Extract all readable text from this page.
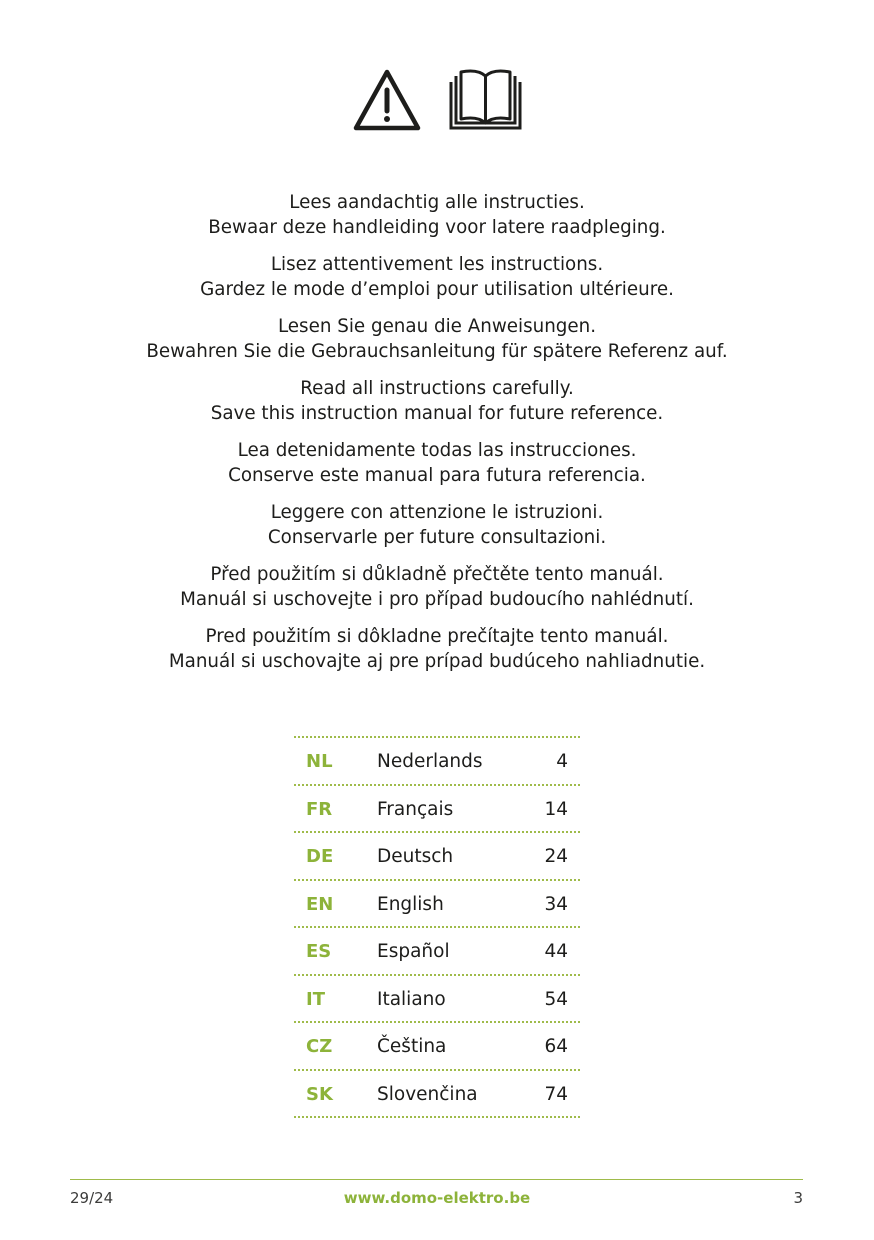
Lees aandachtig alle instructies.

Bewaar deze handleiding voor latere raadpleging.

Lisez attentivement les instructions.

Gardez le mode d’emploi pour utilisation ultérieure.

Lesen Sie genau die Anweisungen.

Bewahren Sie die Gebrauchsanleitung für spätere Referenz auf.

Read all instructions carefully.

Save this instruction manual for future reference.

Lea detenidamente todas las instrucciones.

Conserve este manual para futura referencia.

Leggere con attenzione le istruzioni.

Conservarle per future consultazioni.

Před použitím si důkladně přečtěte tento manuál.

Manuál si uschovejte i pro případ budoucího nahlédnutí.

Pred použitím si dôkladne prečítajte tento manuál.

Manuál si uschovajte aj pre prípad budúceho nahliadnutie.

NL Nederlands	4
FR Français	14
DE Deutsch	24
EN English	34
ES Español	44
IT	Italiano	54
CZ Čeština	64
SK Slovenčina	74
29/24	www.domo-elektro.be	3
